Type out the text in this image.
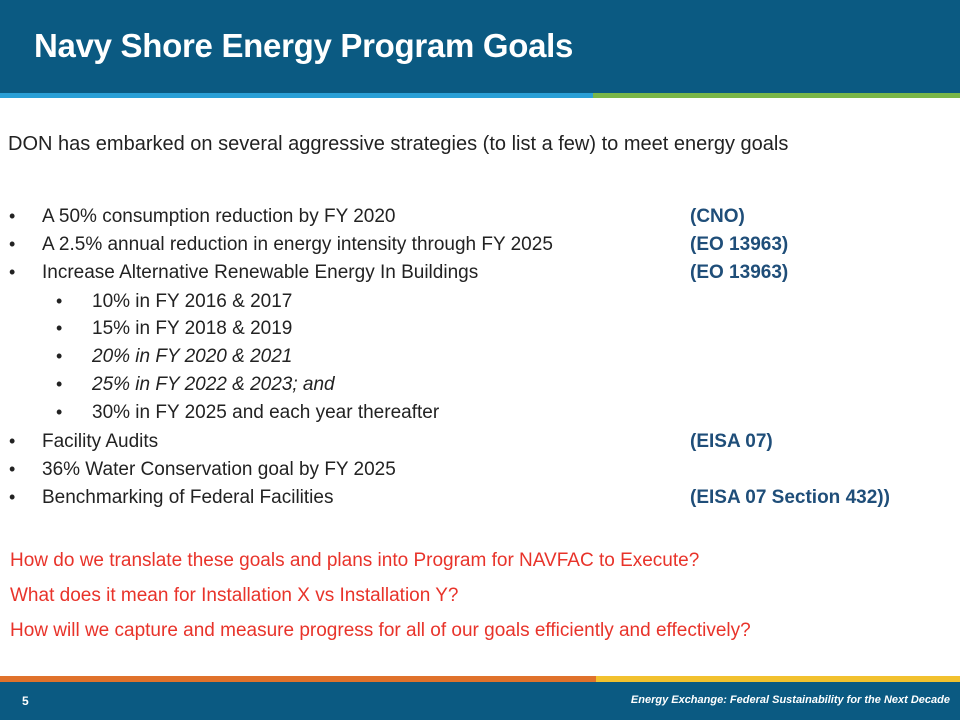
Navy Shore Energy Program Goals
DON has embarked on several aggressive strategies (to list a few) to meet energy goals
• A 50% consumption reduction by FY 2020	(CNO)
• A 2.5% annual reduction in energy intensity through FY 2025	(EO 13963)
• Increase Alternative Renewable Energy In Buildings	(EO 13963)
• 10% in FY 2016 & 2017
• 15% in FY 2018 & 2019
• 20% in FY 2020 & 2021
• 25% in FY 2022 & 2023; and
• 30% in FY 2025 and each year thereafter
• Facility Audits	(EISA 07)
• 36% Water Conservation goal by FY 2025
• Benchmarking of Federal Facilities	(EISA 07 Section 432))
How do we translate these goals and plans into Program for NAVFAC to Execute?
What does it mean for Installation X vs Installation Y?
How will we capture and measure progress for all of our goals efficiently and effectively?
5	Energy Exchange: Federal Sustainability for the Next Decade
